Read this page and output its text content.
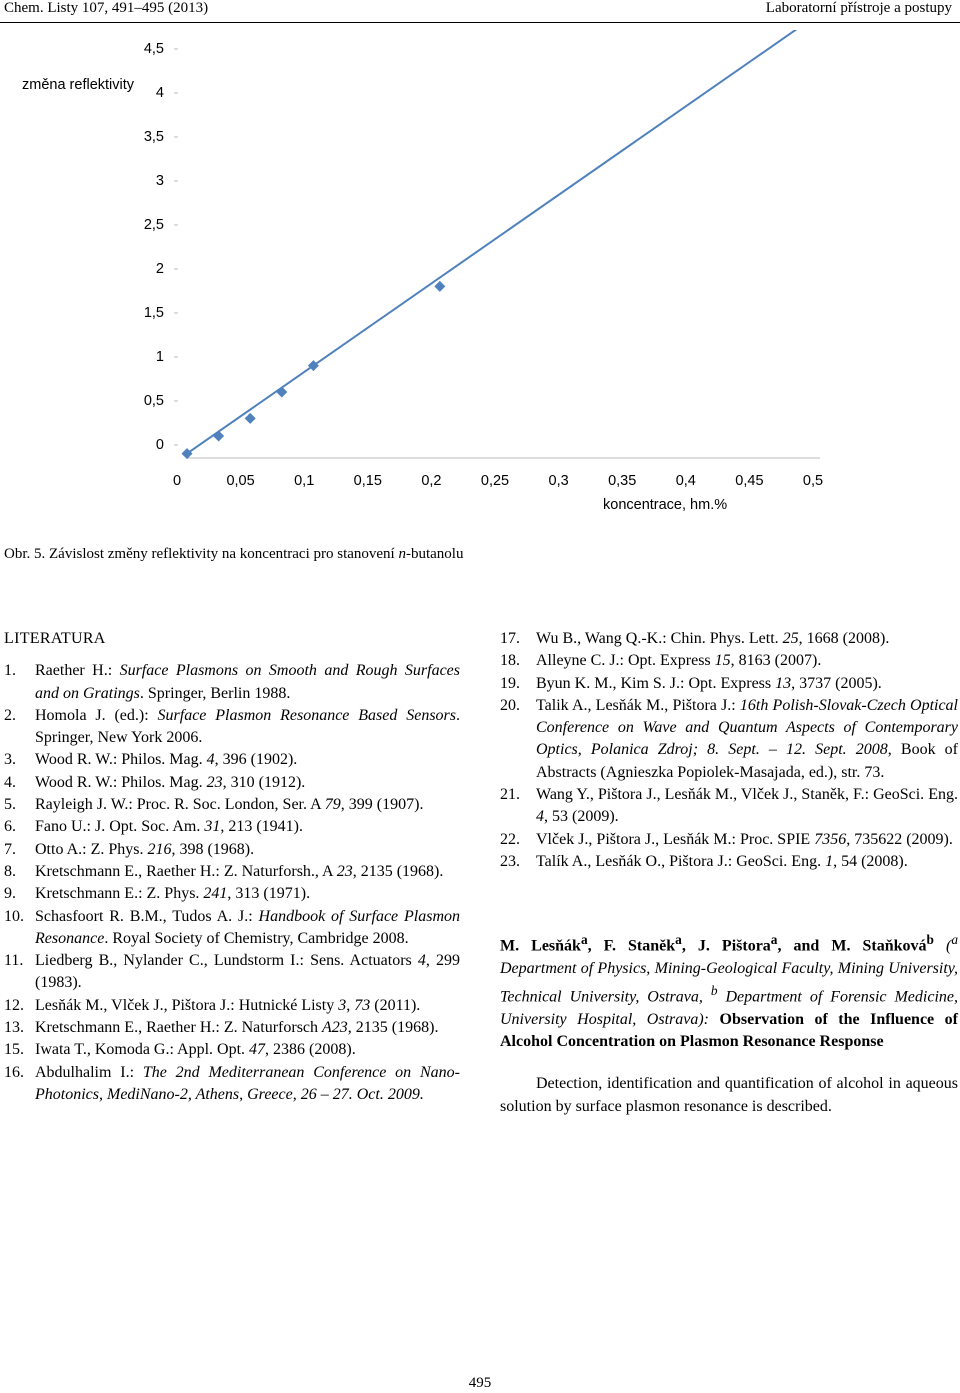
Chem. Listy 107, 491–495 (2013)	Laboratorní přístroje a postupy
0
0,5
1
1,5
2
2,5
3
3,5
4
4,5
0	0,05	0,1	0,15	0,2	0,25	0,3	0,35	0,4	0,45	0,5
změna reflektivity
koncentrace, hm.%
Obr. 5. Závislost změny reflektivity na koncentraci pro stanovení n-butanolu
LITERATURA
1.	Raether H.: Surface Plasmons on Smooth and Rough Surfaces and on Gratings. Springer, Berlin 1988.
2.	Homola J. (ed.): Surface Plasmon Resonance Based Sensors. Springer, New York 2006.
3.	Wood R. W.: Philos. Mag. 4, 396 (1902).
4.	Wood R. W.: Philos. Mag. 23, 310 (1912).
5.	Rayleigh J. W.: Proc. R. Soc. London, Ser. A 79, 399 (1907).
6.	Fano U.: J. Opt. Soc. Am. 31, 213 (1941).
7.	Otto A.: Z. Phys. 216, 398 (1968).
8.	Kretschmann E., Raether H.: Z. Naturforsh., A 23, 2135 (1968).
9.	Kretschmann E.: Z. Phys. 241, 313 (1971).
10. Schasfoort R. B.M., Tudos A. J.: Handbook of Surface Plasmon Resonance. Royal Society of Chemistry, Cambridge 2008.
11. Liedberg B., Nylander C., Lundstorm I.: Sens. Actuators 4, 299 (1983).
12. Lesňák M., Vlček J., Pištora J.: Hutnické Listy 3, 73 (2011).
13. Kretschmann E., Raether H.: Z. Naturforsch A23, 2135 (1968).
15. Iwata T., Komoda G.: Appl. Opt. 47, 2386 (2008).
16. Abdulhalim I.: The 2nd Mediterranean Conference on Nano-Photonics, MediNano-2, Athens, Greece, 26 – 27. Oct. 2009.
17.	Wu B., Wang Q.-K.: Chin. Phys. Lett. 25, 1668 (2008).
18.	Alleyne C. J.: Opt. Express 15, 8163 (2007).
19.	Byun K. M., Kim S. J.: Opt. Express 13, 3737 (2005).
20.	Talik A., Lesňák M., Pištora J.: 16th Polish-Slovak-Czech Optical Conference on Wave and Quantum Aspects of Contemporary Optics, Polanica Zdroj; 8. Sept. – 12. Sept. 2008, Book of Abstracts (Agnieszka Popiolek-Masajada, ed.), str. 73.
21.	Wang Y., Pištora J., Lesňák M., Vlček J., Staněk, F.: GeoSci. Eng. 4, 53 (2009).
22.	Vlček J., Pištora J., Lesňák M.: Proc. SPIE 7356, 735622 (2009).
23.	Talík A., Lesňák O., Pištora J.: GeoSci. Eng. 1, 54 (2008).
M. Lesňák$^a$, F. Staněk$^a$, J. Pištora$^a$, and M. Staňková$^b$ ($^a$ Department of Physics, Mining-Geological Faculty, Mining University, Technical University, Ostrava, $^b$ Department of Forensic Medicine, University Hospital, Ostrava): Observation of the Influence of Alcohol Concentration on Plasmon Resonance Response
Detection, identification and quantification of alcohol in aqueous solution by surface plasmon resonance is described.
495
